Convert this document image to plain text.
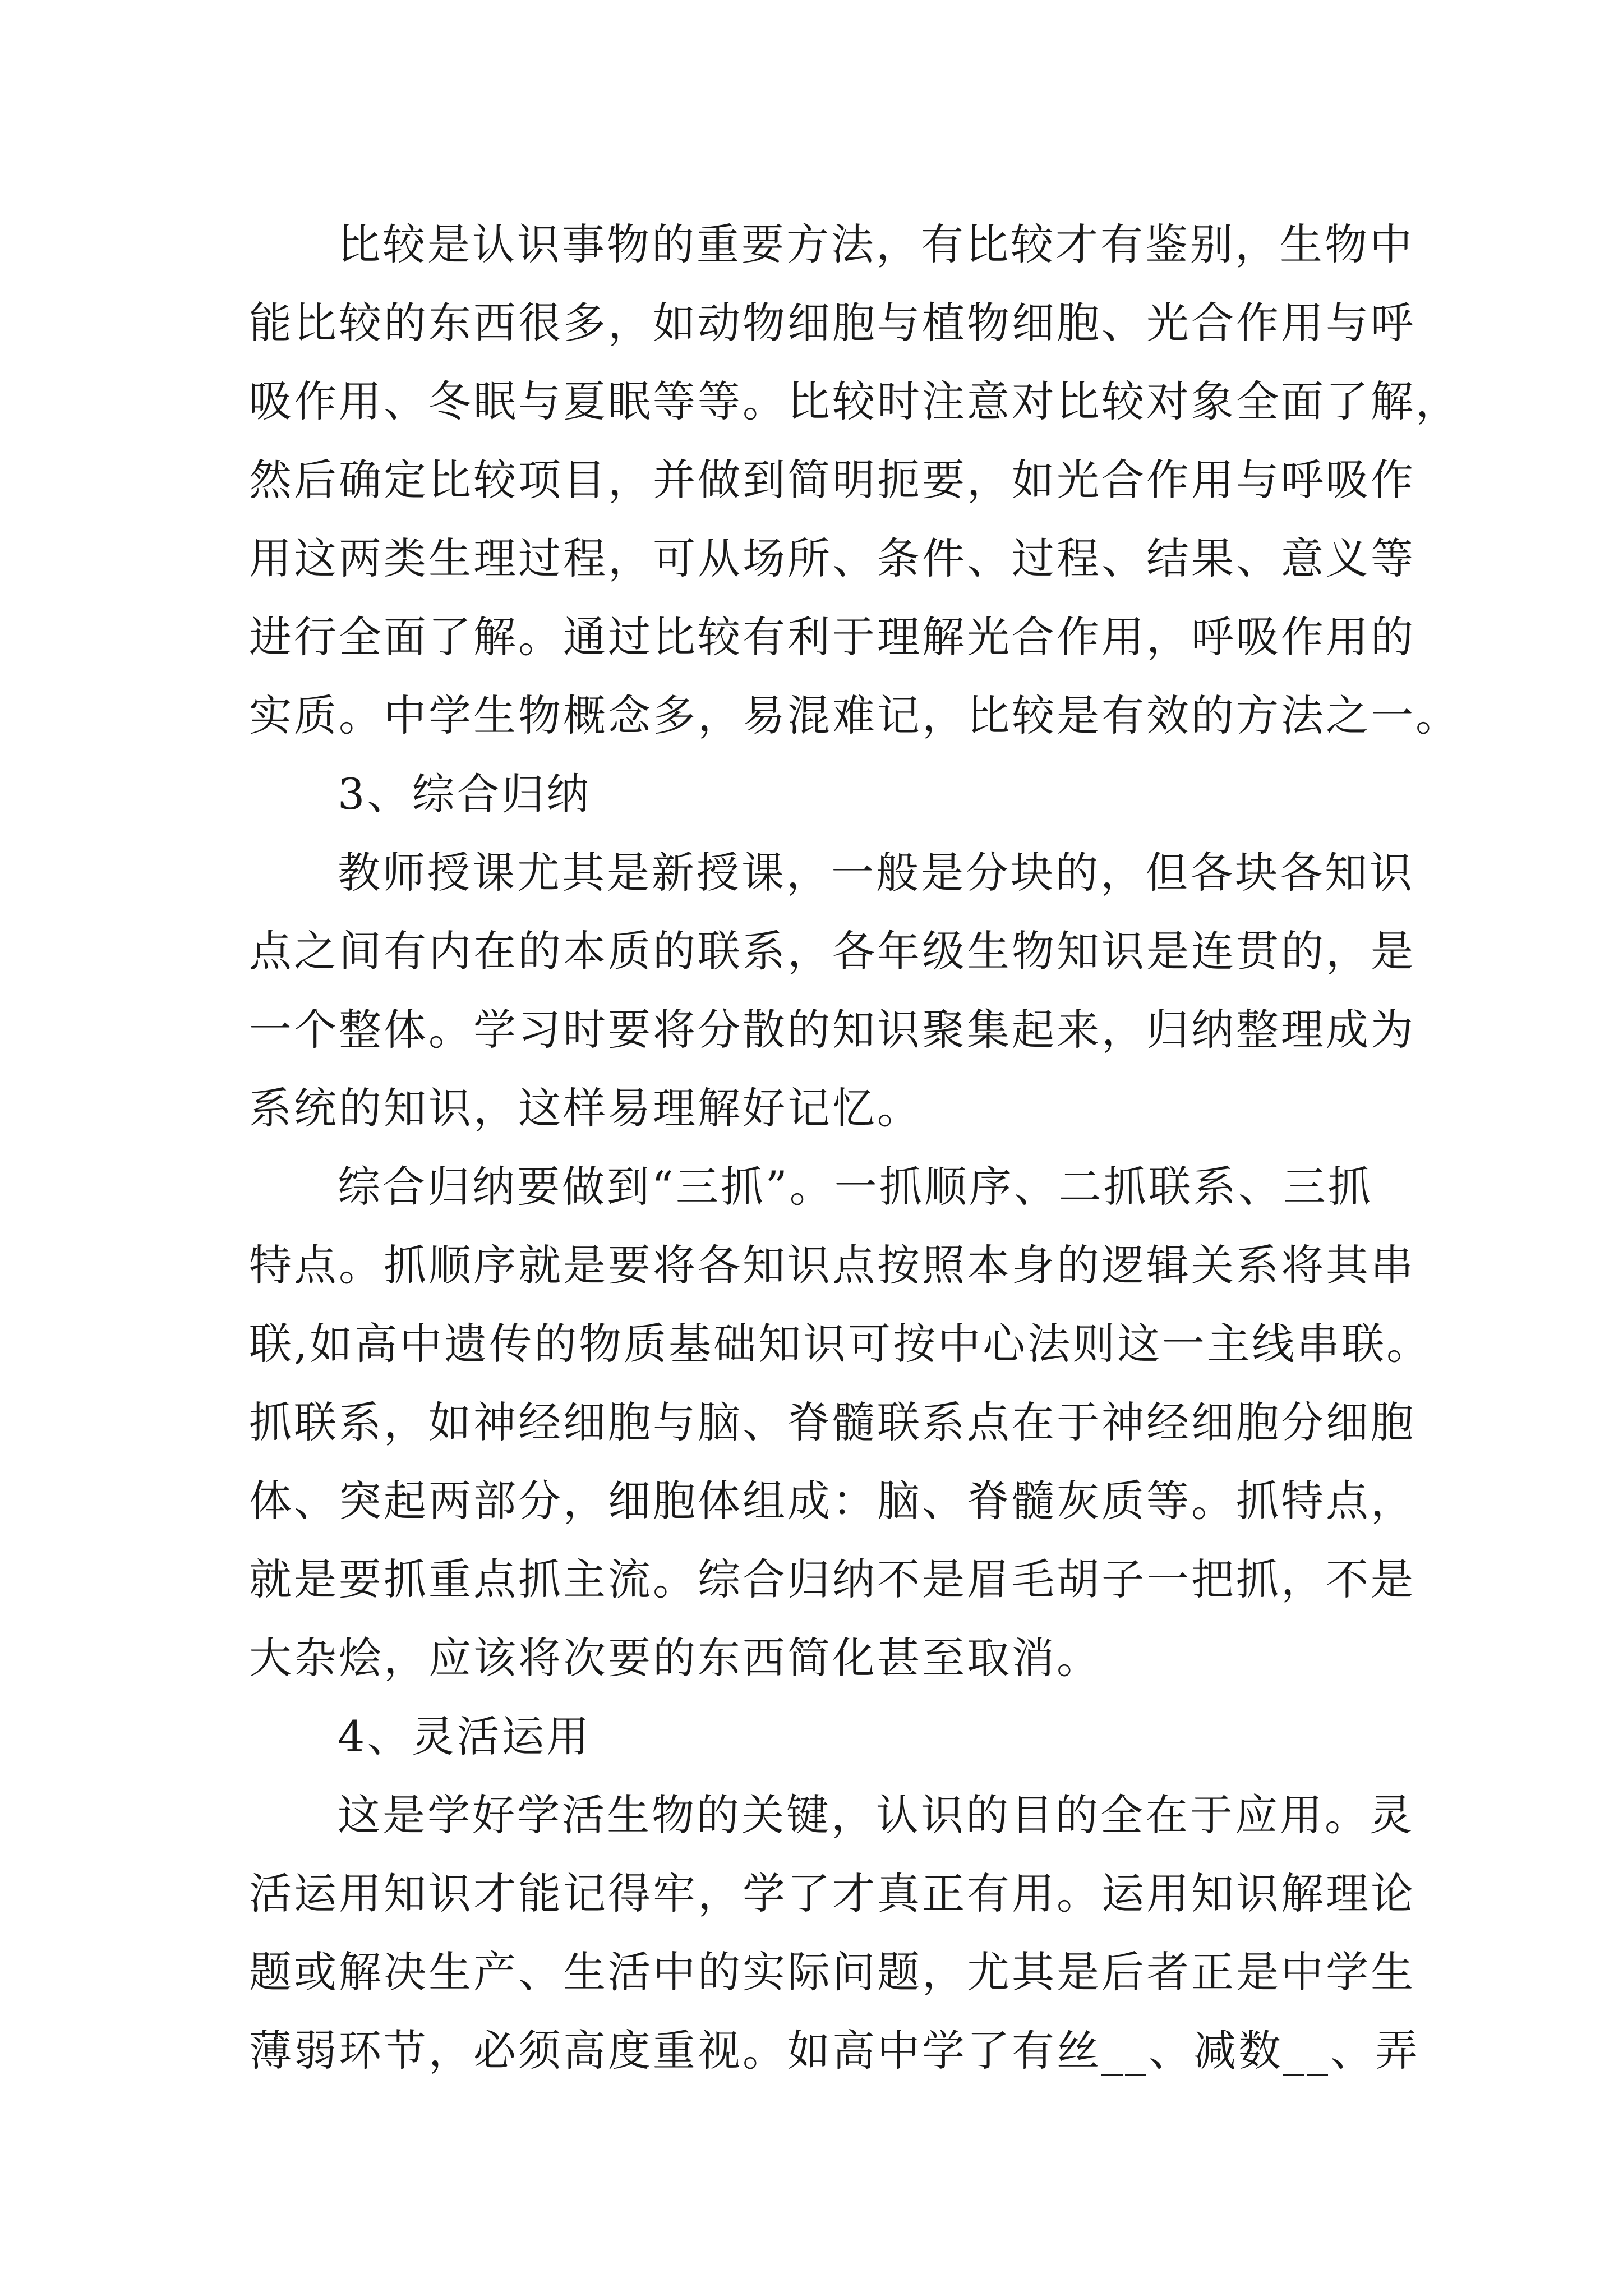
比较是认识事物的重要方法，有比较才有鉴别，生物中

能比较的东西很多，如动物细胞与植物细胞、光合作用与呼

吸作用、冬眠与夏眠等等。比较时注意对比较对象全面了解，

然后确定比较项目，并做到简明扼要，如光合作用与呼吸作

用这两类生理过程，可从场所、条件、过程、结果、意义等

进行全面了解。通过比较有利于理解光合作用，呼吸作用的

实质。中学生物概念多，易混难记，比较是有效的方法之一。

3、综合归纳

教师授课尤其是新授课，一般是分块的，但各块各知识

点之间有内在的本质的联系，各年级生物知识是连贯的，是

一个整体。学习时要将分散的知识聚集起来，归纳整理成为

系统的知识，这样易理解好记忆。

综合归纳要做到“三抓”。一抓顺序、二抓联系、三抓

特点。抓顺序就是要将各知识点按照本身的逻辑关系将其串

联,如高中遗传的物质基础知识可按中心法则这一主线串联。

抓联系，如神经细胞与脑、脊髓联系点在于神经细胞分细胞

体、突起两部分，细胞体组成：脑、脊髓灰质等。抓特点，

就是要抓重点抓主流。综合归纳不是眉毛胡子一把抓，不是

大杂烩，应该将次要的东西简化甚至取消。

4、灵活运用

这是学好学活生物的关键，认识的目的全在于应用。灵

活运用知识才能记得牢，学了才真正有用。运用知识解理论

题或解决生产、生活中的实际问题，尤其是后者正是中学生

薄弱环节，必须高度重视。如高中学了有丝__、减数__、弄
